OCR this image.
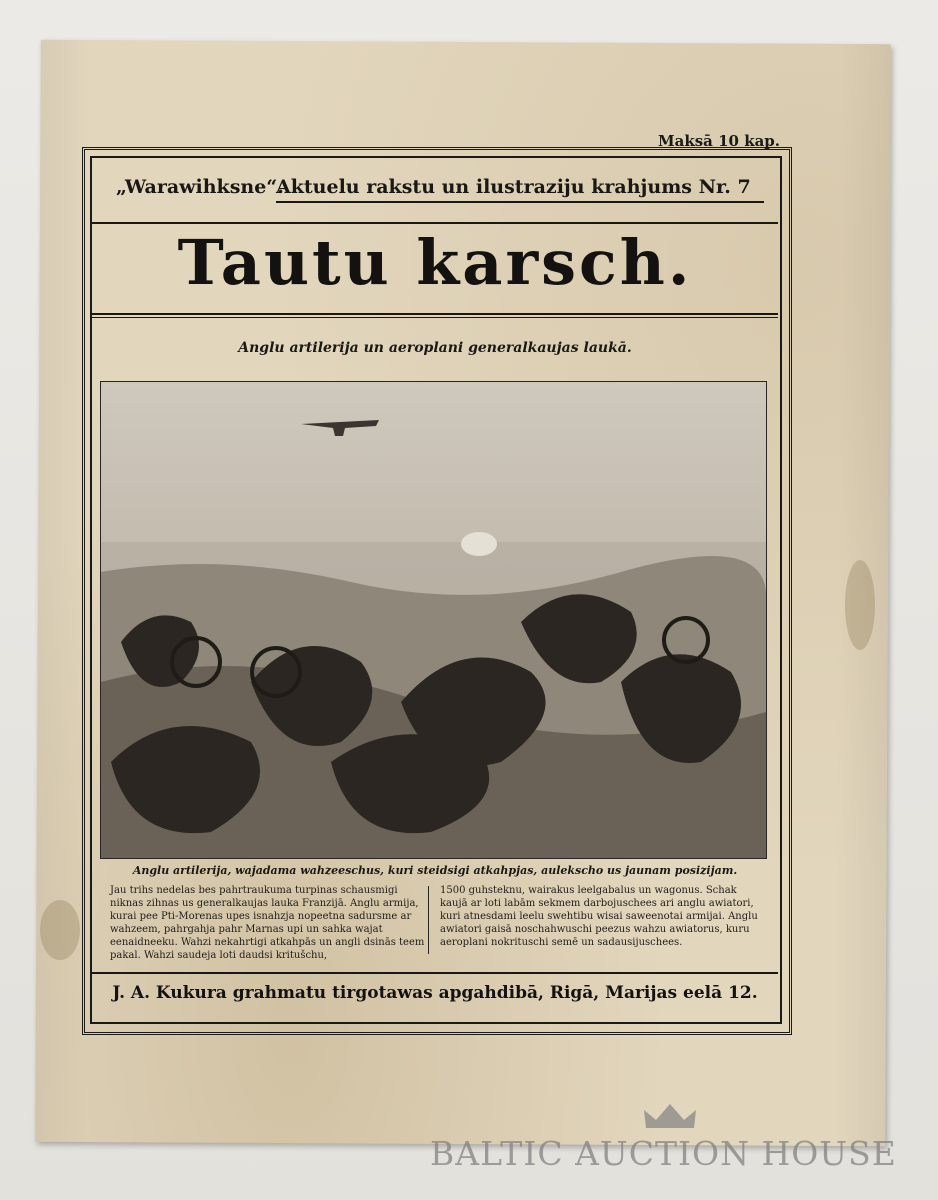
Maksā 10 kap.
„Warawihksne“.
Aktuelu rakstu un ilustraziju krahjums Nr. 7
Tautu karsch.
Anglu artilerija un aeroplani generalkaujas laukā.
Anglu artilerija, wajadama wahzeeschus, kuri steidsigi atkahpjas, aulekscho us jaunam posizijam.
Jau trihs nedelas bes pahrtraukuma turpinas schausmigi niknas zihnas us generalkaujas lauka Franzijā. Anglu armija, kurai pee Pti-Morenas upes isnahzja nopeetna sadursme ar wahzeem, pahrgahja pahr Marnas upi un sahka wajat eenaidneeku. Wahzi nekahrtigi atkahpās un angli dsinās teem pakal. Wahzi saudeja loti daudsi kritušchu,
1500 guhsteknu, wairakus leelgabalus un wagonus. Schak kaujā ar loti labām sekmem darbojuschees ari anglu awiatori, kuri atnesdami leelu swehtibu wisai saweenotai armijai. Anglu awiatori gaisā noschahwuschi peezus wahzu awiatorus, kuru aeroplani nokrituschi semē un sadausijuschees.
J. A. Kukura grahmatu tirgotawas apgahdibā, Rigā, Marijas eelā 12.
BALTIC AUCTION HOUSE
